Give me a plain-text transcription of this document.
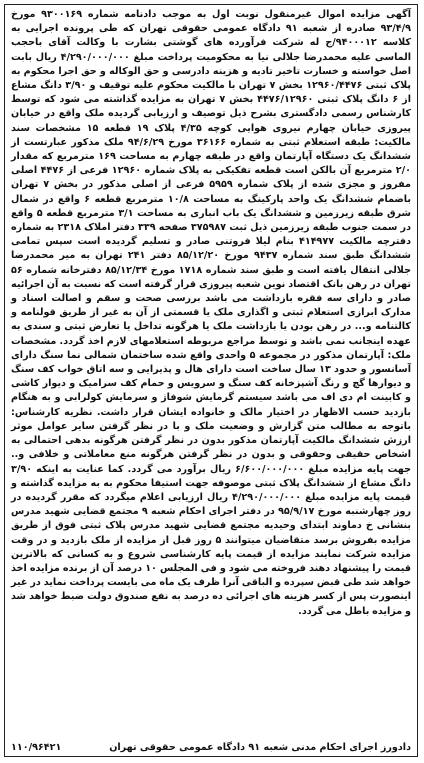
آگهی مزایده اموال غیرمنقول نوبت اول به موجب دادنامه شماره ۹۳۰۰۱۶۹ مورخ ۹۳/۴/۹ صادره از شعبه ۹۱ دادگاه عمومی حقوقی تهران که طی پرونده اجرایی به کلاسه ۹۴۰۰۰۱۲/ج له شرکت فرآورده های گوشتی بشارت با وکالت آقای باحجب الماسی علیه محمدرضا جلالی نیا به محکومیت پرداخت مبلغ ۴/۲۹۰/۰۰۰/۰۰۰ ریال بابت اصل خواسته و خسارت تاخیر تادیه و هزینه دادرسی و حق الوکاله و حق اجرا محکوم به پلاک ثبتی ۱۲۹۶۰/۴۴۷۶ بخش ۷ تهران با مالکیت محکوم علیه توقیف و ۳/۹۰ دانگ مشاع از ۶ دانگ پلاک ثبتی ۴۴۷۶/۱۲۹۶۰ بخش ۷ تهران به مزایده گذاشته می شود که توسط کارشناس رسمی دادگستری بشرح ذیل توصیف و ارزیابی گردیده ملک واقع در خیابان پیروزی خیابان چهارم نیروی هوایی کوچه ۴/۳۵ پلاک ۱۹ قطعه ۱۵ مشخصات سند مالکیت: طبقه استعلام ثبتی به شماره ۳۶۱۶۶ مورخ ۹۴/۶/۲۹ ملک مذکور عبارتست از ششدانگ یک دستگاه آپارتمان واقع در طبقه چهارم به مساحت ۱۶۹ مترمربع که مقدار ۲/۰ مترمربع آن بالکن است قطعه تفکیکی به پلاک شماره ۱۲۹۶۰ فرعی از ۴۴۷۶ اصلی مفروز و مجزی شده از پلاک شماره ۵۹۵۹ فرعی از اصلی مذکور در بخش ۷ تهران باضمام ششدانگ یک واحد پارکینگ به مساحت ۱۰/۸ مترمربع قطعه ۶ واقع در شمال شرق طبقه زیرزمین و ششدانگ یک باب انباری به مساحت ۳/۱ مترمربع قطعه ۵ واقع در سمت جنوب طبقه زیرزمین ذیل ثبت ۳۷۵۹۸۷ صفحه ۳۳۹ دفتر املاک ۲۳۱۸ به شماره دفترچه مالکیت ۴۱۴۹۷۷ بنام لیلا فروتنی صادر و تسلیم گردیده است سپس تمامی ششدانگ طبق سند شماره ۹۴۳۷ مورخ ۸۵/۱۲/۲۰ دفتر ۲۴۱ تهران به میر محمدرضا جلالی انتقال یافته است و طبق سند شماره ۱۷۱۸ مورخ ۸۵/۱۲/۳۴ دفترخانه شماره ۵۶ تهران در رهن بانک اقتصاد نوین شعبه پیروزی قرار گرفته است که نسبت به آن اجرائیه صادر و دارای سه فقره بازداشت می باشد بررسی صحت و سقم و اصالت اسناد و مدارک ابرازی استعلام ثبتی و اگذاری ملک یا قسمتی از آن به غیر از طریق قولنامه و کالتنامه و... در رهن بودن یا بازداشت ملک یا هرگونه تداخل یا تعارض ثبتی و سندی به عهده اینجانب نمی باشد و توسط مراجع مربوطه استعلامهای لازم اخذ گردد. مشخصات ملک: آپارتمان مذکور در مجموعه ۵ واحدی واقع شده ساختمان شمالی نما سنگ دارای آسانسور و حدود ۱۳ سال ساخت است دارای هال و پذیرایی و سه اتاق خواب کف سنگ و دیوارها گچ و رنگ آشپزخانه کف سنگ و سرویس و حمام کف سرامیک و دیوار کاشی و کابینت ام دی اف می باشد سیستم گرمایش شوفاژ و سرمایش کولرابی و به هنگام بازدید حسب الاظهار در اختیار مالک و خانواده ایشان قرار داشت. نظریه کارشناس: باتوجه به مطالب متن گزارش و وضعیت ملک و با در نظر گرفتن سایر عوامل موثر ارزش ششدانگ مالکیت آپارتمان مذکور بدون در نظر گرفتن هرگونه بدهی احتمالی به اشخاص حقیقی وحقوقی و بدون در نظر گرفتن هرگونه منع معاملاتی و خلافی و.. جهت پایه مزایده مبلغ ۶/۶۰۰/۰۰۰/۰۰۰ ریال برآورد می گردد. کما عنایت به اینکه ۳/۹۰ دانگ مشاع از ششدانگ پلاک ثبتی موصوفه جهت استیفا محکوم به به مزایده گذاشته و قیمت پایه مزایده مبلغ ۴/۲۹۰/۰۰۰/۰۰۰ ریال ارزیابی اعلام میگردد که مقرر گردیده در روز چهارشنبه مورخ ۹۵/۹/۱۷ در دفتر اجرای احکام شعبه ۹ مجتمع قضایی شهید مدرس بنشانی خ دماوند ابتدای وحیدیه مجتمع قضایی شهید مدرس پلاک ثبتی فوق از طریق مزایده بفروش برسد متقاضیان میتوانند ۵ روز قبل از مزایده از ملک بازدید و در وقت مزایده شرکت نمایند مزایده از قیمت پایه کارشناسی شروع و به کسانی که بالاترین قیمت را پیشنهاد دهند فروخته می شود و فی المجلس ۱۰ درصد آن از برنده مزایده اخذ خواهد شد طی قبض سپرده و الباقی آنرا ظرف یک ماه می بایست پرداخت نماید در غیر اینصورت پس از کسر هزینه های اجرائی ده درصد به نفع صندوق دولت ضبط خواهد شد و مزایده باطل می گردد.

دادورز اجرای احکام مدنی شعبه ۹۱ دادگاه عمومی حقوقی تهران
۱۱۰/۹۶۴۲۱
